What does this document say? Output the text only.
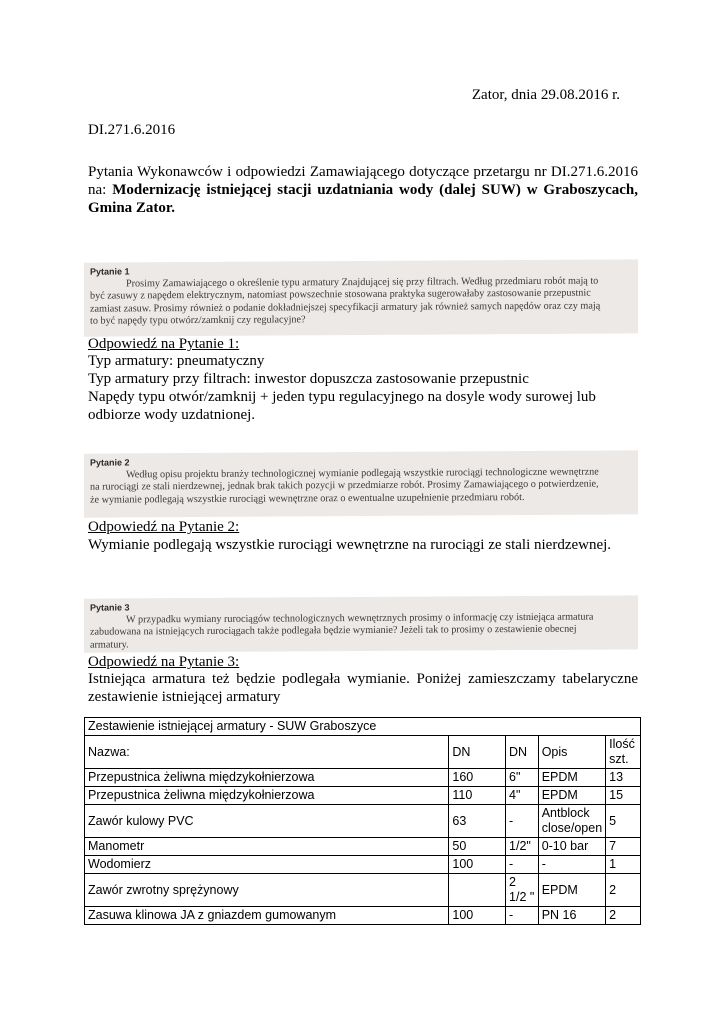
Zator, dnia 29.08.2016 r.
DI.271.6.2016
Pytania Wykonawców i odpowiedzi Zamawiającego dotyczące przetargu nr DI.271.6.2016 na: Modernizację istniejącej stacji uzdatniania wody (dalej SUW) w Graboszycach, Gmina Zator.
Pytanie 1
Prosimy Zamawiającego o określenie typu armatury Znajdującej się przy filtrach. Według przedmiaru robót mają to
być zasuwy z napędem elektrycznym, natomiast powszechnie stosowana praktyka sugerowałaby zastosowanie przepustnic
zamiast zasuw. Prosimy również o podanie dokładniejszej specyfikacji armatury jak również samych napędów oraz czy mają
to być napędy typu otwórz/zamknij czy regulacyjne?
Odpowiedź na Pytanie 1:
Typ armatury: pneumatyczny
Typ armatury przy filtrach: inwestor dopuszcza zastosowanie przepustnic
Napędy typu otwór/zamknij + jeden typu regulacyjnego na dosyle wody surowej lub
odbiorze wody uzdatnionej.
Pytanie 2
Według opisu projektu branży technologicznej wymianie podlegają wszystkie rurociągi technologiczne wewnętrzne
na rurociągi ze stali nierdzewnej, jednak brak takich pozycji w przedmiarze robót. Prosimy Zamawiającego o potwierdzenie,
że wymianie podlegają wszystkie rurociągi wewnętrzne oraz o ewentualne uzupełnienie przedmiaru robót.
Odpowiedź na Pytanie 2:
Wymianie podlegają wszystkie rurociągi wewnętrzne na rurociągi ze stali nierdzewnej.
Pytanie 3
W przypadku wymiany rurociągów technologicznych wewnętrznych prosimy o informację czy istniejąca armatura
zabudowana na istniejących rurociągach także podlegała będzie wymianie? Jeżeli tak to prosimy o zestawienie obecnej
armatury.
Odpowiedź na Pytanie 3:
Istniejąca armatura też będzie podlegała wymianie. Poniżej zamieszczamy tabelaryczne zestawienie istniejącej armatury
Zestawienie istniejącej armatury - SUW Graboszyce				
Nazwa:	DN	DN	Opis	Ilość szt.
Przepustnica żeliwna międzykołnierzowa	160	6"	EPDM	13
Przepustnica żeliwna międzykołnierzowa	110	4"	EPDM	15
Zawór kulowy PVC	63	-	Antblock close/open	5
Manometr	50	1/2"	0-10 bar	7
Wodomierz	100	-	-	1
Zawór zwrotny sprężynowy		2 1/2 "	EPDM	2
Zasuwa klinowa JA z gniazdem gumowanym	100	-	PN 16	2
